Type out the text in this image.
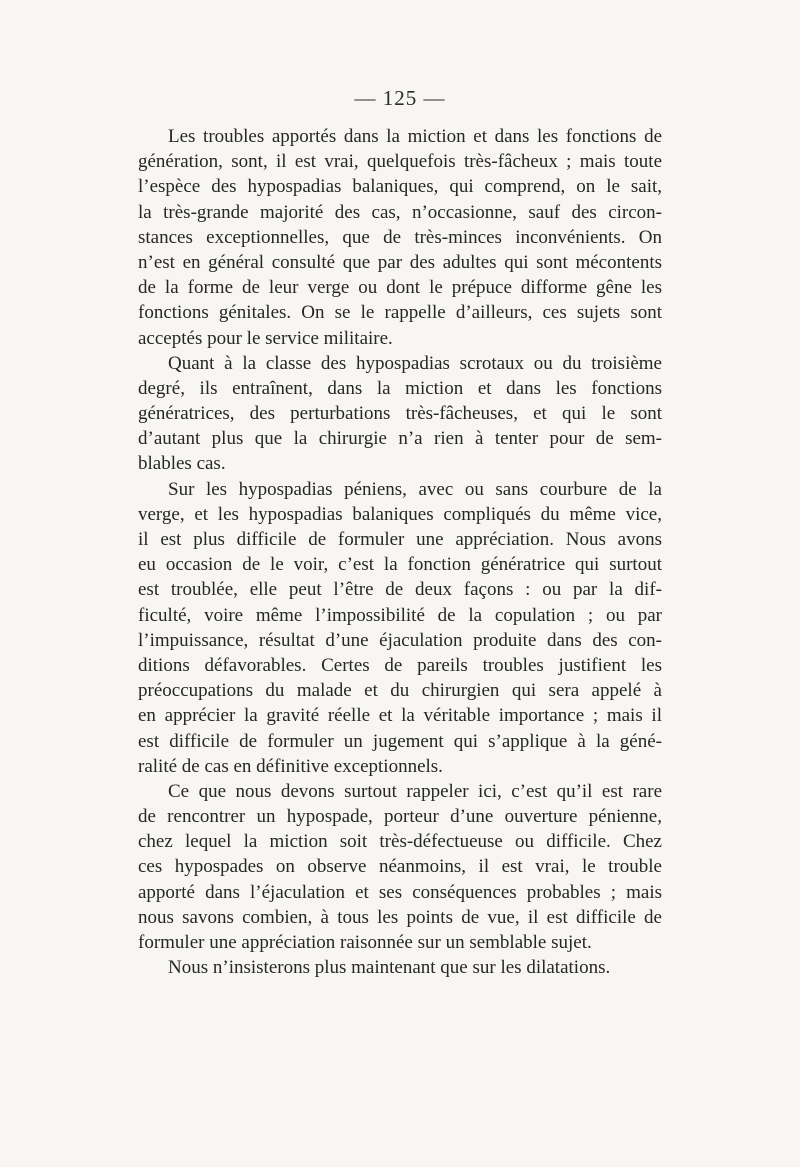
— 125 —
Les troubles apportés dans la miction et dans les fonctions de
génération, sont, il est vrai, quelquefois très-fâcheux ; mais toute
l’espèce des hypospadias balaniques, qui comprend, on le sait,
la très-grande majorité des cas, n’occasionne, sauf des circon-
stances exceptionnelles, que de très-minces inconvénients. On
n’est en général consulté que par des adultes qui sont mécontents
de la forme de leur verge ou dont le prépuce difforme gêne les
fonctions génitales. On se le rappelle d’ailleurs, ces sujets sont
acceptés pour le service militaire.
Quant à la classe des hypospadias scrotaux ou du troisième
degré, ils entraînent, dans la miction et dans les fonctions
génératrices, des perturbations très-fâcheuses, et qui le sont
d’autant plus que la chirurgie n’a rien à tenter pour de sem-
blables cas.
Sur les hypospadias péniens, avec ou sans courbure de la
verge, et les hypospadias balaniques compliqués du même vice,
il est plus difficile de formuler une appréciation. Nous avons
eu occasion de le voir, c’est la fonction génératrice qui surtout
est troublée, elle peut l’être de deux façons : ou par la dif-
ficulté, voire même l’impossibilité de la copulation ; ou par
l’impuissance, résultat d’une éjaculation produite dans des con-
ditions défavorables. Certes de pareils troubles justifient les
préoccupations du malade et du chirurgien qui sera appelé à
en apprécier la gravité réelle et la véritable importance ; mais il
est difficile de formuler un jugement qui s’applique à la géné-
ralité de cas en définitive exceptionnels.
Ce que nous devons surtout rappeler ici, c’est qu’il est rare
de rencontrer un hypospade, porteur d’une ouverture pénienne,
chez lequel la miction soit très-défectueuse ou difficile. Chez
ces hypospades on observe néanmoins, il est vrai, le trouble
apporté dans l’éjaculation et ses conséquences probables ; mais
nous savons combien, à tous les points de vue, il est difficile de
formuler une appréciation raisonnée sur un semblable sujet.
Nous n’insisterons plus maintenant que sur les dilatations.
